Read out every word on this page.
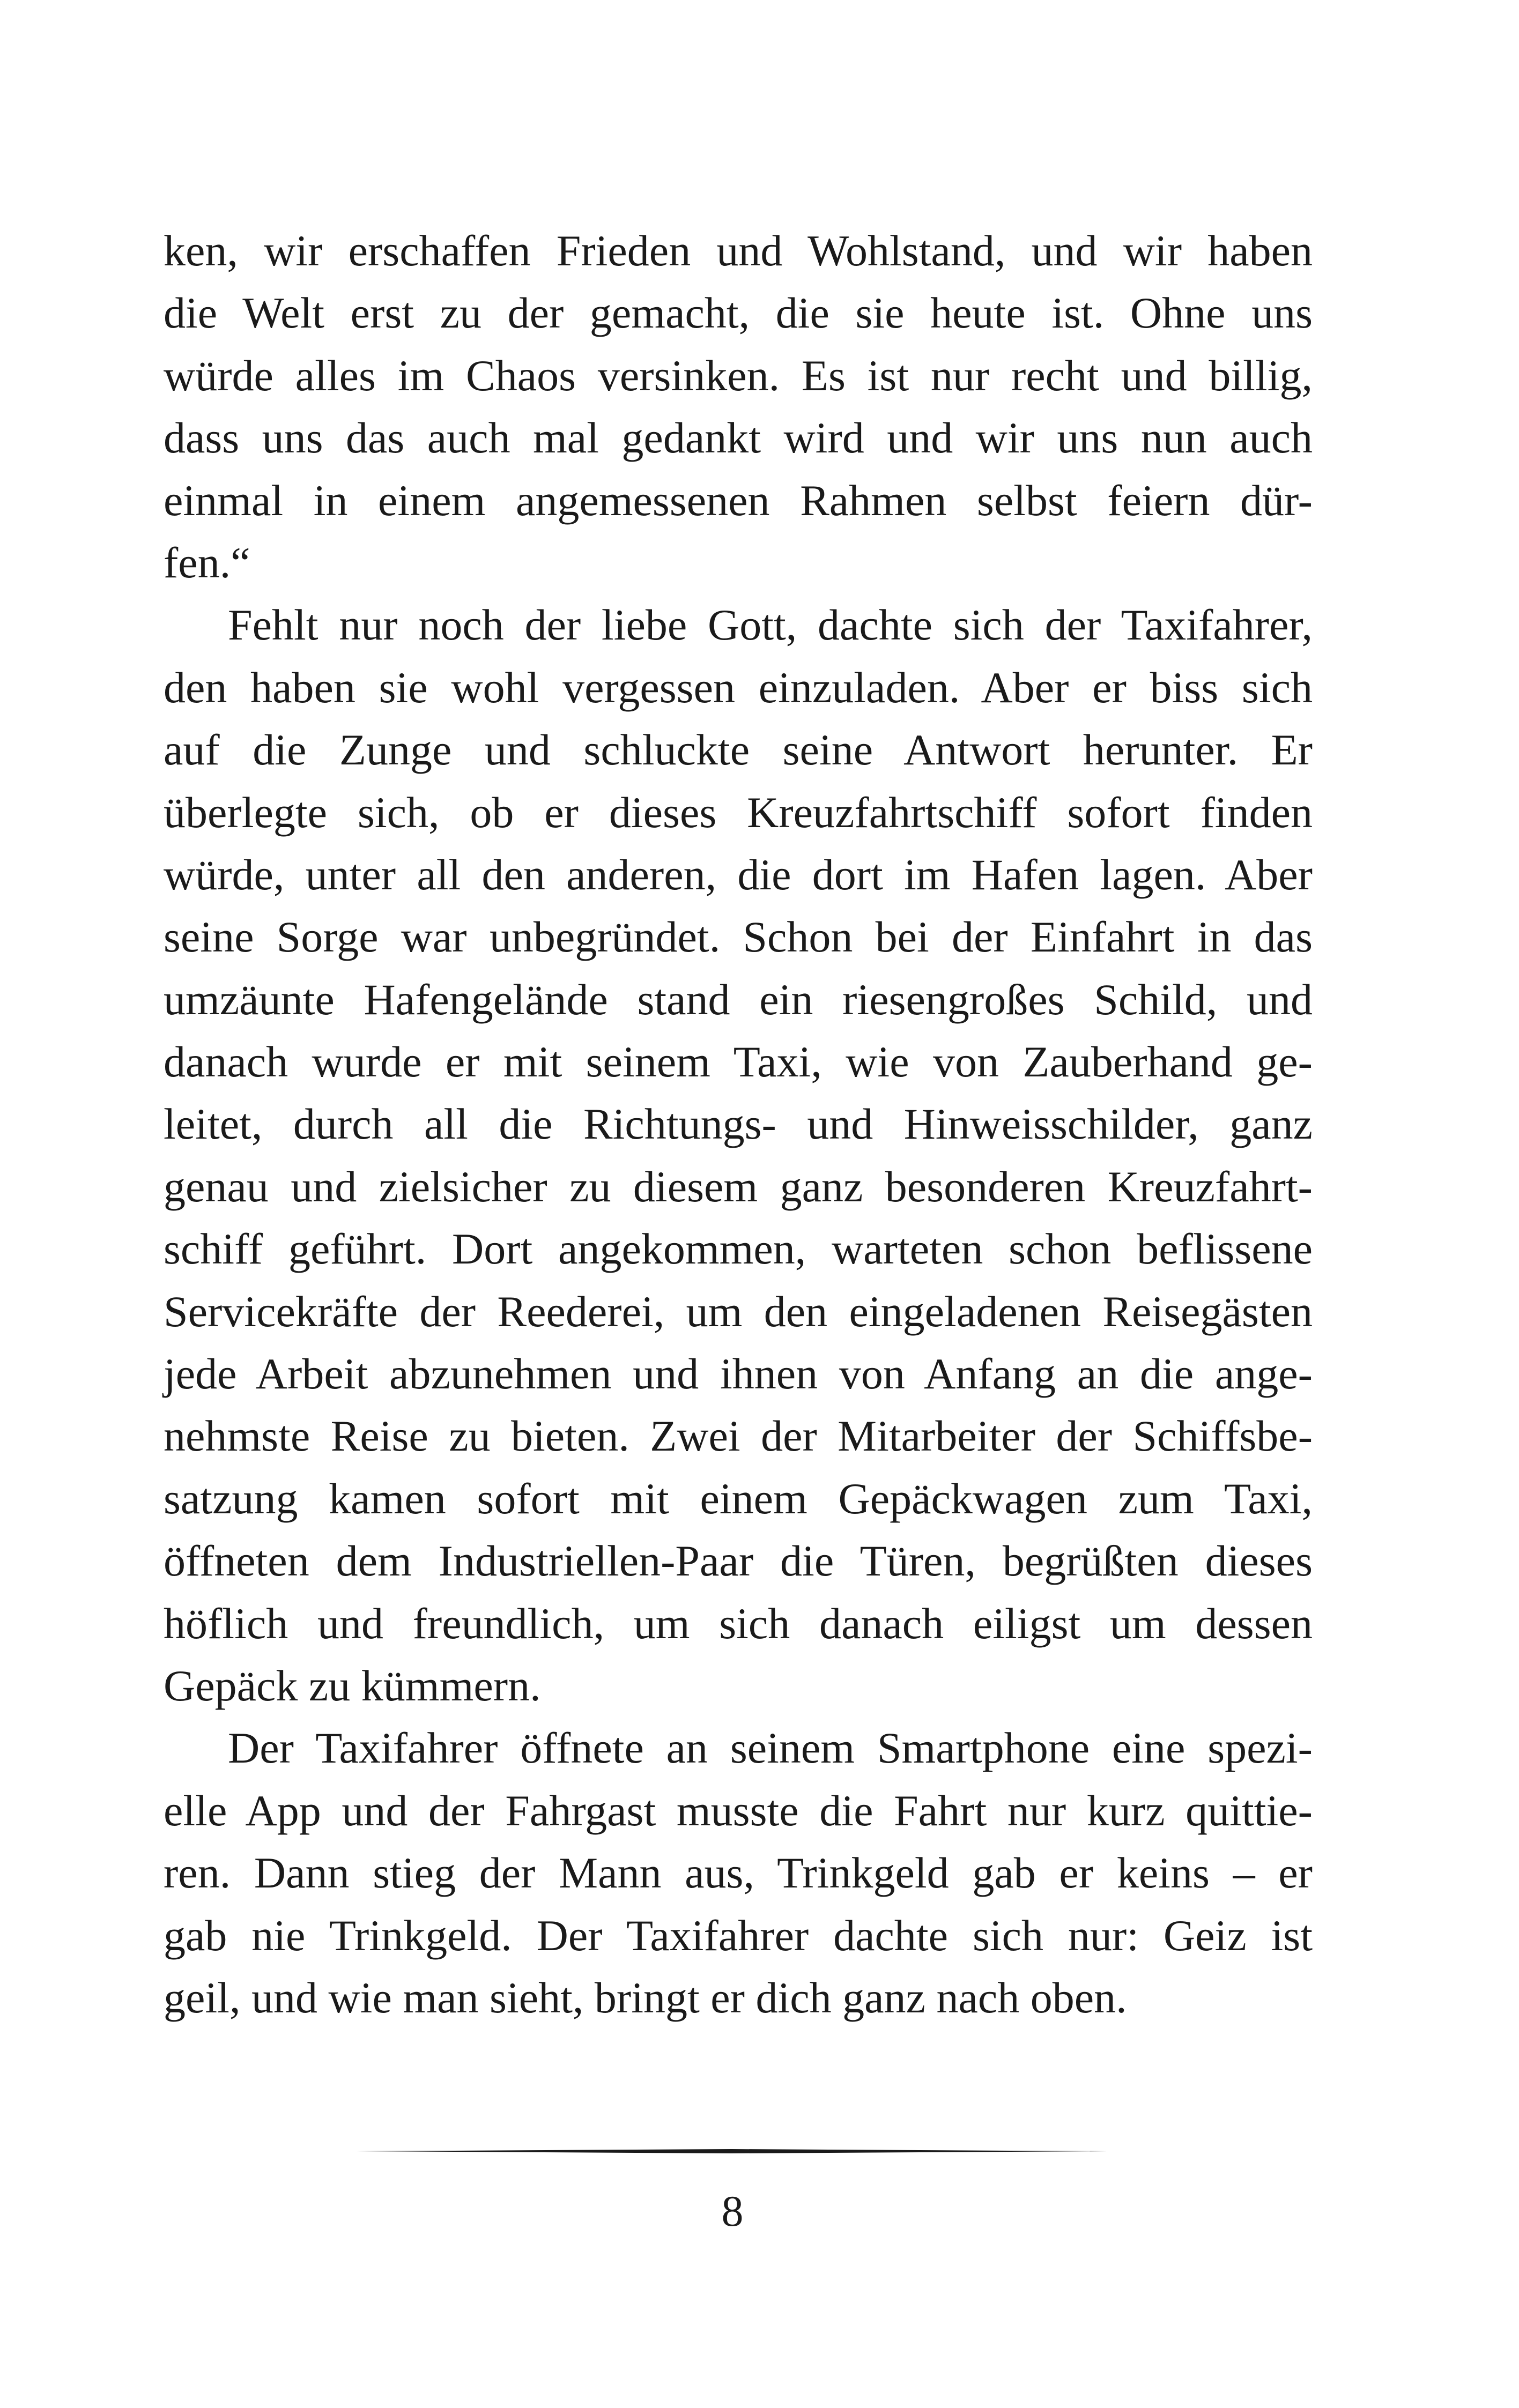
ken, wir erschaffen Frieden und Wohlstand, und wir haben
die Welt erst zu der gemacht, die sie heute ist. Ohne uns
würde alles im Chaos versinken. Es ist nur recht und billig,
dass uns das auch mal gedankt wird und wir uns nun auch
einmal in einem angemessenen Rahmen selbst feiern dür-
fen.“
Fehlt nur noch der liebe Gott, dachte sich der Taxifahrer,
den haben sie wohl vergessen einzuladen. Aber er biss sich
auf die Zunge und schluckte seine Antwort herunter. Er
überlegte sich, ob er dieses Kreuzfahrtschiff sofort finden
würde, unter all den anderen, die dort im Hafen lagen. Aber
seine Sorge war unbegründet. Schon bei der Einfahrt in das
umzäunte Hafengelände stand ein riesengroßes Schild, und
danach wurde er mit seinem Taxi, wie von Zauberhand ge-
leitet, durch all die Richtungs- und Hinweisschilder, ganz
genau und zielsicher zu diesem ganz besonderen Kreuzfahrt-
schiff geführt. Dort angekommen, warteten schon beflissene
Servicekräfte der Reederei, um den eingeladenen Reisegästen
jede Arbeit abzunehmen und ihnen von Anfang an die ange-
nehmste Reise zu bieten. Zwei der Mitarbeiter der Schiffsbe-
satzung kamen sofort mit einem Gepäckwagen zum Taxi,
öffneten dem Industriellen-Paar die Türen, begrüßten dieses
höflich und freundlich, um sich danach eiligst um dessen
Gepäck zu kümmern.
Der Taxifahrer öffnete an seinem Smartphone eine spezi-
elle App und der Fahrgast musste die Fahrt nur kurz quittie-
ren. Dann stieg der Mann aus, Trinkgeld gab er keins – er
gab nie Trinkgeld. Der Taxifahrer dachte sich nur: Geiz ist
geil, und wie man sieht, bringt er dich ganz nach oben.
8
